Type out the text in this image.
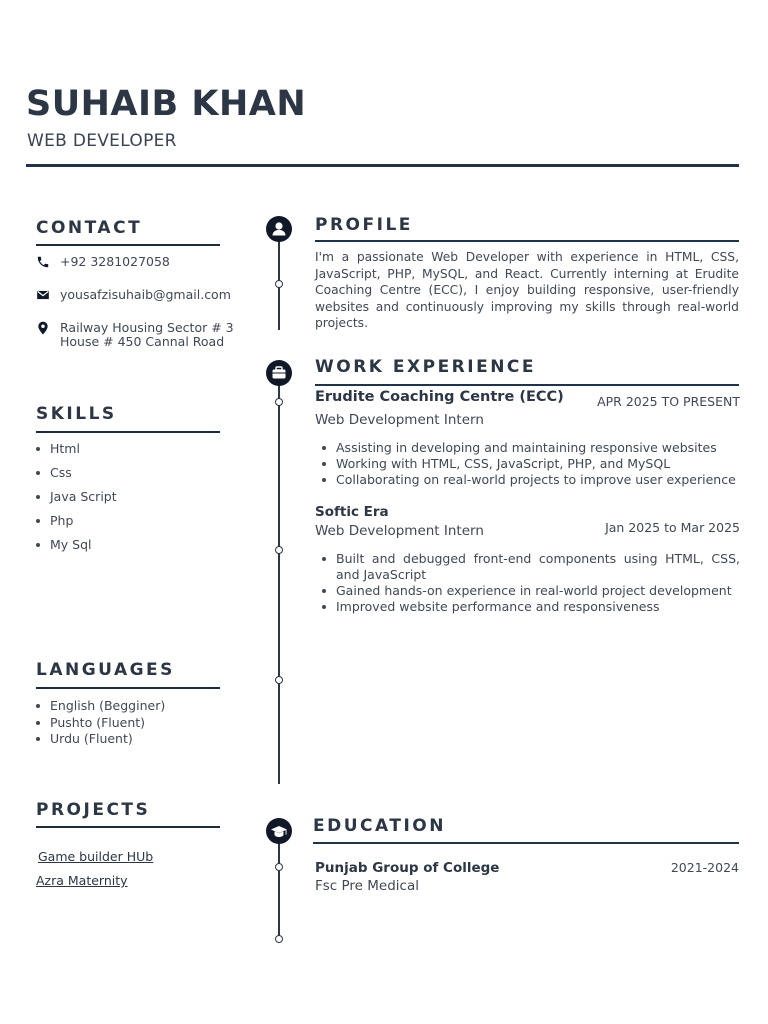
SUHAIB KHAN

WEB DEVELOPER

CONTACT
+92 3281027058
yousafzisuhaib@gmail.com
Railway Housing Sector # 3
House # 450 Cannal Road
SKILLS
Html
Css
Java Script
Php
My Sql
LANGUAGES
English (Begginer)
Pushto (Fluent)
Urdu (Fluent)
PROJECTS
Game builder HUb
Azra Maternity
PROFILE

I'm a passionate Web Developer with experience in HTML, CSS, JavaScript, PHP, MySQL, and React. Currently interning at Erudite Coaching Centre (ECC), I enjoy building responsive, user-friendly websites and continuously improving my skills through real-world projects.

WORK EXPERIENCE
Erudite Coaching Centre (ECC)	APR 2025 TO PRESENT
Web Development Intern
Assisting in developing and maintaining responsive websites
Working with HTML, CSS, JavaScript, PHP, and MySQL
Collaborating on real-world projects to improve user experience
Softic Era
Web Development Intern	Jan 2025 to Mar 2025
Built and debugged front-end components using HTML, CSS, and JavaScript
Gained hands-on experience in real-world project development
Improved website performance and responsiveness
EDUCATION
Punjab Group of College	2021-2024
Fsc Pre Medical
